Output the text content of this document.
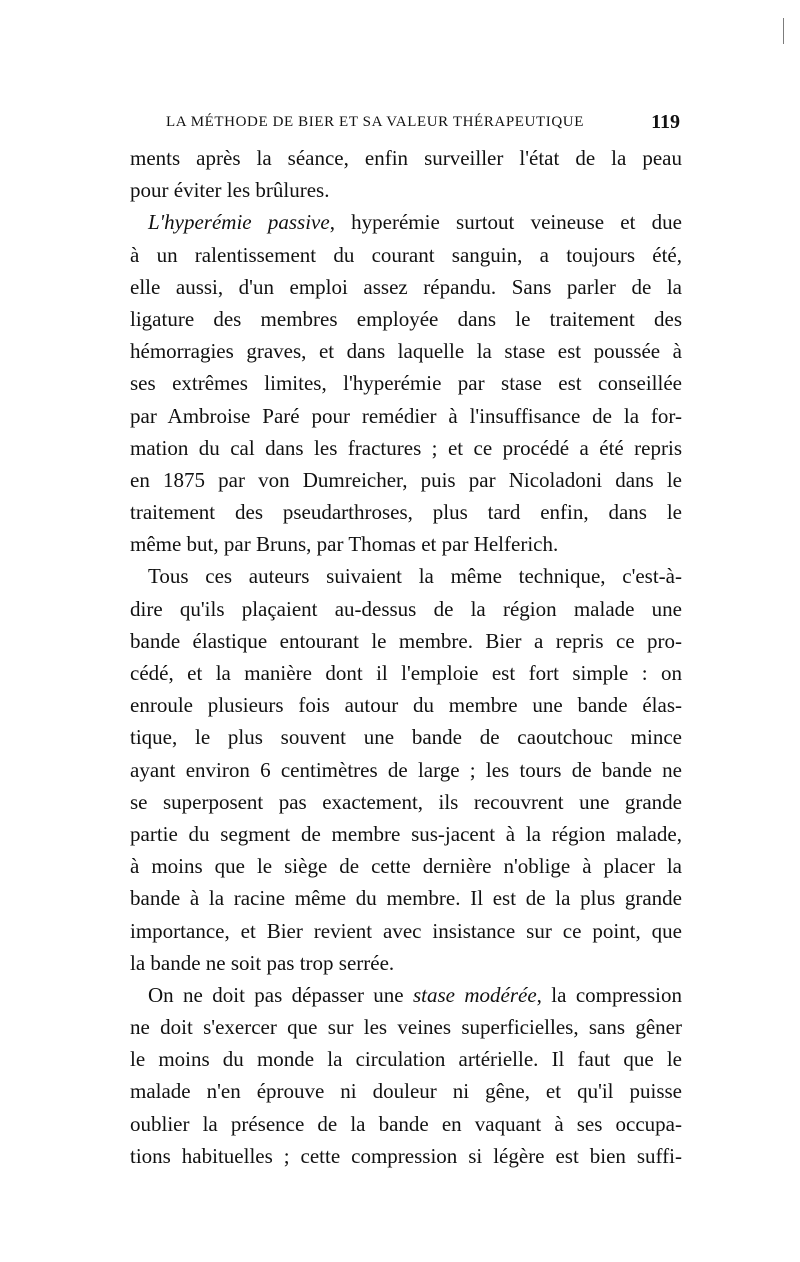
LA MÉTHODE DE BIER ET SA VALEUR THÉRAPEUTIQUE	119
ments après la séance, enfin surveiller l'état de la peau
pour éviter les brûlures.
L'hyperémie passive, hyperémie surtout veineuse et due
à un ralentissement du courant sanguin, a toujours été,
elle aussi, d'un emploi assez répandu. Sans parler de la
ligature des membres employée dans le traitement des
hémorragies graves, et dans laquelle la stase est poussée à
ses extrêmes limites, l'hyperémie par stase est conseillée
par Ambroise Paré pour remédier à l'insuffisance de la for-
mation du cal dans les fractures ; et ce procédé a été repris
en 1875 par von Dumreicher, puis par Nicoladoni dans le
traitement des pseudarthroses, plus tard enfin, dans le
même but, par Bruns, par Thomas et par Helferich.
Tous ces auteurs suivaient la même technique, c'est-à-
dire qu'ils plaçaient au-dessus de la région malade une
bande élastique entourant le membre. Bier a repris ce pro-
cédé, et la manière dont il l'emploie est fort simple : on
enroule plusieurs fois autour du membre une bande élas-
tique, le plus souvent une bande de caoutchouc mince
ayant environ 6 centimètres de large ; les tours de bande ne
se superposent pas exactement, ils recouvrent une grande
partie du segment de membre sus-jacent à la région malade,
à moins que le siège de cette dernière n'oblige à placer la
bande à la racine même du membre. Il est de la plus grande
importance, et Bier revient avec insistance sur ce point, que
la bande ne soit pas trop serrée.
On ne doit pas dépasser une stase modérée, la compression
ne doit s'exercer que sur les veines superficielles, sans gêner
le moins du monde la circulation artérielle. Il faut que le
malade n'en éprouve ni douleur ni gêne, et qu'il puisse
oublier la présence de la bande en vaquant à ses occupa-
tions habituelles ; cette compression si légère est bien suffi-
